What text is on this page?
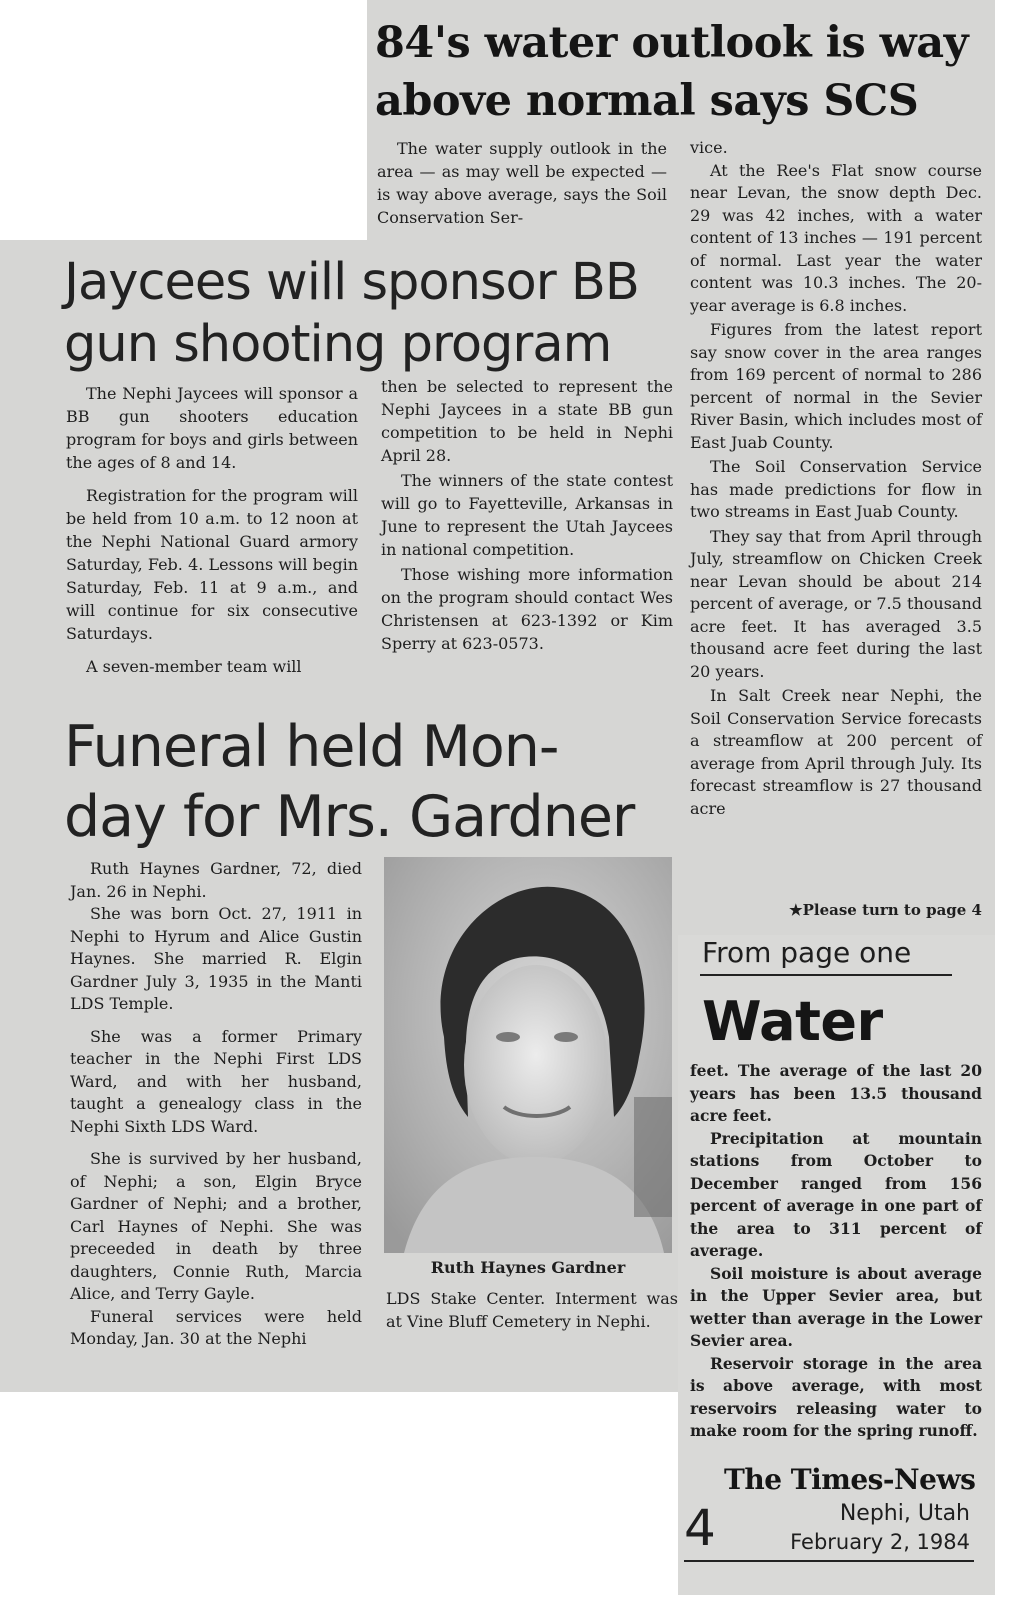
84's water outlook is way
above normal says SCS

The water supply outlook in the area — as may well be expected — is way above average, says the Soil Conservation Ser-

vice.

At the Ree's Flat snow course near Levan, the snow depth Dec. 29 was 42 inches, with a water content of 13 inches — 191 percent of normal. Last year the water content was 10.3 inches. The 20-year average is 6.8 inches.

Figures from the latest report say snow cover in the area ranges from 169 percent of normal to 286 percent of normal in the Sevier River Basin, which includes most of East Juab County.

The Soil Conservation Service has made predictions for flow in two streams in East Juab County.

They say that from April through July, streamflow on Chicken Creek near Levan should be about 214 percent of average, or 7.5 thousand acre feet. It has averaged 3.5 thousand acre feet during the last 20 years.

In Salt Creek near Nephi, the Soil Conservation Service forecasts a streamflow at 200 percent of average from April through July. Its forecast streamflow is 27 thousand acre

★Please turn to page 4
Jaycees will sponsor BB
gun shooting program

The Nephi Jaycees will sponsor a BB gun shooters education program for boys and girls between the ages of 8 and 14.

Registration for the program will be held from 10 a.m. to 12 noon at the Nephi National Guard armory Saturday, Feb. 4. Lessons will begin Saturday, Feb. 11 at 9 a.m., and will continue for six consecutive Saturdays.

A seven-member team will

then be selected to represent the Nephi Jaycees in a state BB gun competition to be held in Nephi April 28.

The winners of the state contest will go to Fayetteville, Arkansas in June to represent the Utah Jaycees in national competition.

Those wishing more information on the program should contact Wes Christensen at 623-1392 or Kim Sperry at 623-0573.

Funeral held Mon-
day for Mrs. Gardner

Ruth Haynes Gardner, 72, died Jan. 26 in Nephi.

She was born Oct. 27, 1911 in Nephi to Hyrum and Alice Gustin Haynes. She married R. Elgin Gardner July 3, 1935 in the Manti LDS Temple.

She was a former Primary teacher in the Nephi First LDS Ward, and with her husband, taught a genealogy class in the Nephi Sixth LDS Ward.

She is survived by her husband, of Nephi; a son, Elgin Bryce Gardner of Nephi; and a brother, Carl Haynes of Nephi. She was preceeded in death by three daughters, Connie Ruth, Marcia Alice, and Terry Gayle.

Funeral services were held Monday, Jan. 30 at the Nephi

Ruth Haynes Gardner

LDS Stake Center. Interment was at Vine Bluff Cemetery in Nephi.

From page one
Water

feet. The average of the last 20 years has been 13.5 thousand acre feet.

Precipitation at mountain stations from October to December ranged from 156 percent of average in one part of the area to 311 percent of average.

Soil moisture is about average in the Upper Sevier area, but wetter than average in the Lower Sevier area.

Reservoir storage in the area is above average, with most reservoirs releasing water to make room for the spring runoff.

The Times-News
4	Nephi, Utah
February 2, 1984
